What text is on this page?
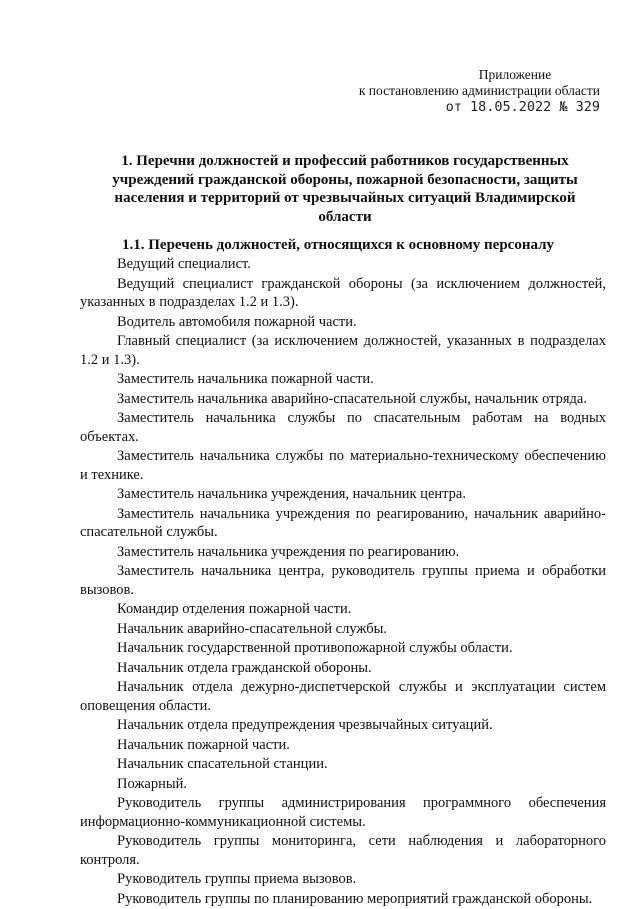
Приложение
к постановлению администрации области
от 18.05.2022 № 329
1. Перечни должностей и профессий работников государственных учреждений гражданской обороны, пожарной безопасности, защиты населения и территорий от чрезвычайных ситуаций Владимирской области
1.1. Перечень должностей, относящихся к основному персоналу

Ведущий специалист.

Ведущий специалист гражданской обороны (за исключением должностей, указанных в подразделах 1.2 и 1.3).

Водитель автомобиля пожарной части.

Главный специалист (за исключением должностей, указанных в подразделах 1.2 и 1.3).

Заместитель начальника пожарной части.

Заместитель начальника аварийно-спасательной службы, начальник отряда.

Заместитель начальника службы по спасательным работам на водных объектах.

Заместитель начальника службы по материально-техническому обеспечению и технике.

Заместитель начальника учреждения, начальник центра.

Заместитель начальника учреждения по реагированию, начальник аварийно-спасательной службы.

Заместитель начальника учреждения по реагированию.

Заместитель начальника центра, руководитель группы приема и обработки вызовов.

Командир отделения пожарной части.

Начальник аварийно-спасательной службы.

Начальник государственной противопожарной службы области.

Начальник отдела гражданской обороны.

Начальник отдела дежурно-диспетчерской службы и эксплуатации систем оповещения области.

Начальник отдела предупреждения чрезвычайных ситуаций.

Начальник пожарной части.

Начальник спасательной станции.

Пожарный.

Руководитель группы администрирования программного обеспечения информационно-коммуникационной системы.

Руководитель группы мониторинга, сети наблюдения и лабораторного контроля.

Руководитель группы приема вызовов.

Руководитель группы по планированию мероприятий гражданской обороны.
